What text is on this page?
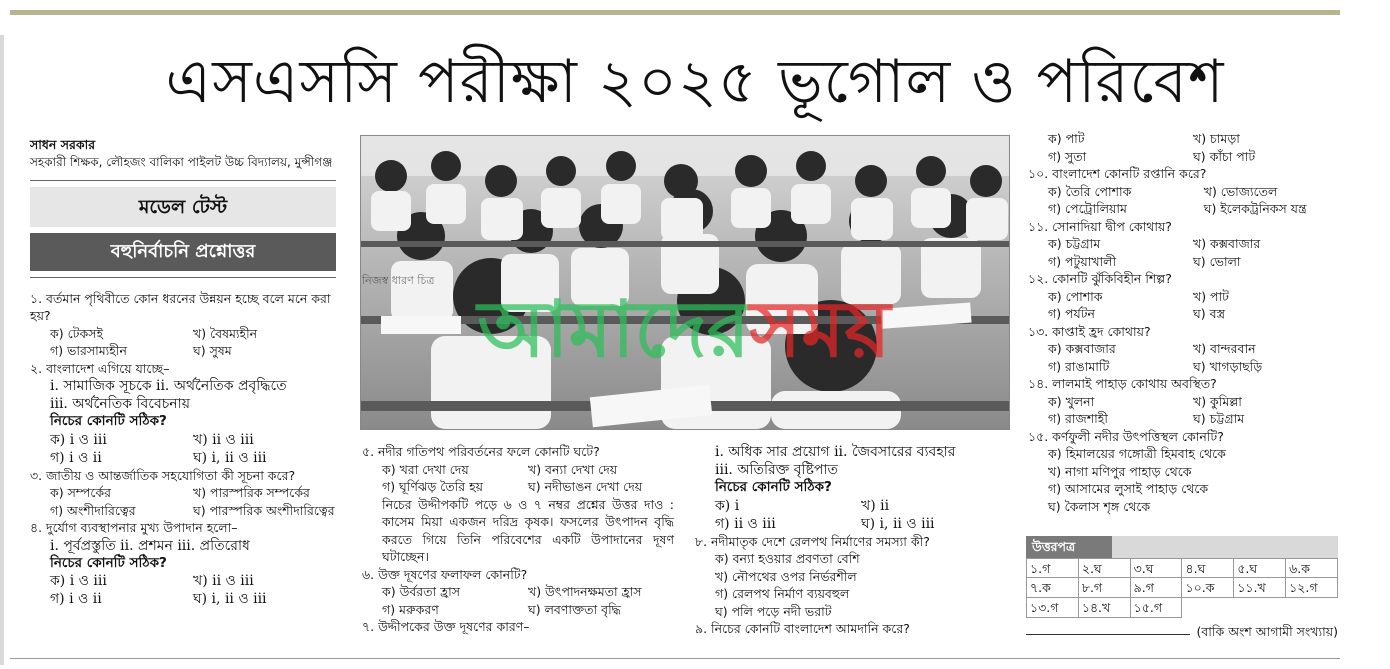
এসএসসি পরীক্ষা ২০২৫ ভূগোল ও পরিবেশ

সাধন সরকার

সহকারী শিক্ষক, লৌহজং বালিকা পাইলট উচ্চ বিদ্যালয়, মুন্সীগঞ্জ

মডেল টেস্ট
বহুনির্বাচনি প্রশ্নোত্তর

১. বর্তমান পৃথিবীতে কোন ধরনের উন্নয়ন হচ্ছে বলে মনে করা হয়?

ক) টেকসই	খ) বৈষম্যহীন
গ) ভারসাম্যহীন	ঘ) সুষম

২. বাংলাদেশ এগিয়ে যাচ্ছে–

i. সামাজিক সূচকে ii. অর্থনৈতিক প্রবৃদ্ধিতে

iii. অর্থনৈতিক বিবেচনায়

নিচের কোনটি সঠিক?

ক) i ও iii	খ) ii ও iii
গ) i ও ii	ঘ) i, ii ও iii

৩. জাতীয় ও আন্তর্জাতিক সহযোগিতা কী সূচনা করে?

ক) সম্পর্কের	খ) পারস্পরিক সম্পর্কের
গ) অংশীদারিত্বের	ঘ) পারস্পরিক অংশীদারিত্বের

৪. দুর্যোগ ব্যবস্থাপনার মুখ্য উপাদান হলো–

i. পূর্বপ্রস্তুতি ii. প্রশমন iii. প্রতিরোধ

নিচের কোনটি সঠিক?

ক) i ও iii	খ) ii ও iii
গ) i ও ii	ঘ) i, ii ও iii
নিজস্ব ধারণ চিত্র
আমাদেরসময়

৫. নদীর গতিপথ পরিবর্তনের ফলে কোনটি ঘটে?

ক) খরা দেখা দেয়	খ) বন্যা দেখা দেয়
গ) ঘূর্ণিঝড় তৈরি হয়	ঘ) নদীভাঙন দেখা দেয়

নিচের উদ্দীপকটি পড়ে ৬ ও ৭ নম্বর প্রশ্নের উত্তর দাও : কাসেম মিয়া একজন দরিদ্র কৃষক। ফসলের উৎপাদন বৃদ্ধি করতে গিয়ে তিনি পরিবেশের একটি উপাদানের দূষণ ঘটাচ্ছেন।

৬. উক্ত দূষণের ফলাফল কোনটি?

ক) উর্বরতা হ্রাস	খ) উৎপাদনক্ষমতা হ্রাস
গ) মরুকরণ	ঘ) লবণাক্ততা বৃদ্ধি

৭. উদ্দীপকের উক্ত দূষণের কারণ–

i. অধিক সার প্রয়োগ ii. জৈবসারের ব্যবহার

iii. অতিরিক্ত বৃষ্টিপাত

নিচের কোনটি সঠিক?

ক) i	খ) ii
গ) ii ও iii	ঘ) i, ii ও iii

৮. নদীমাতৃক দেশে রেলপথ নির্মাণের সমস্যা কী?

ক) বন্যা হওয়ার প্রবণতা বেশি

খ) নৌপথের ওপর নির্ভরশীল

গ) রেলপথ নির্মাণ ব্যয়বহুল

ঘ) পলি পড়ে নদী ভরাট

৯. নিচের কোনটি বাংলাদেশ আমদানি করে?

ক) পাট	খ) চামড়া
গ) সুতা	ঘ) কাঁচা পাট

১০. বাংলাদেশ কোনটি রপ্তানি করে?

ক) তৈরি পোশাক	খ) ভোজ্যতেল
গ) পেট্রোলিয়াম	ঘ) ইলেকট্রনিকস যন্ত্র

১১. সোনাদিয়া দ্বীপ কোথায়?

ক) চট্টগ্রাম	খ) কক্সবাজার
গ) পটুয়াখালী	ঘ) ভোলা

১২. কোনটি ঝুঁকিবিহীন শিল্প?

ক) পোশাক	খ) পাট
গ) পর্যটন	ঘ) বস্ত্র

১৩. কাপ্তাই হ্রদ কোথায়?

ক) কক্সবাজার	খ) বান্দরবান
গ) রাঙামাটি	ঘ) খাগড়াছড়ি

১৪. লালমাই পাহাড় কোথায় অবস্থিত?

ক) খুলনা	খ) কুমিল্লা
গ) রাজশাহী	ঘ) চট্টগ্রাম

১৫. কর্ণফুলী নদীর উৎপত্তিস্থল কোনটি?

ক) হিমালয়ের গঙ্গোত্রী হিমবাহ থেকে

খ) নাগা মণিপুর পাহাড় থেকে

গ) আসামের লুসাই পাহাড় থেকে

ঘ) কৈলাস শৃঙ্গ থেকে

উত্তরপত্র
১.গ	২.ঘ	৩.ঘ	৪.ঘ	৫.ঘ	৬.ক
৭.ক	৮.গ	৯.গ	১০.ক	১১.খ	১২.গ
১৩.গ	১৪.খ	১৫.গ
(বাকি অংশ আগামী সংখ্যায়)
